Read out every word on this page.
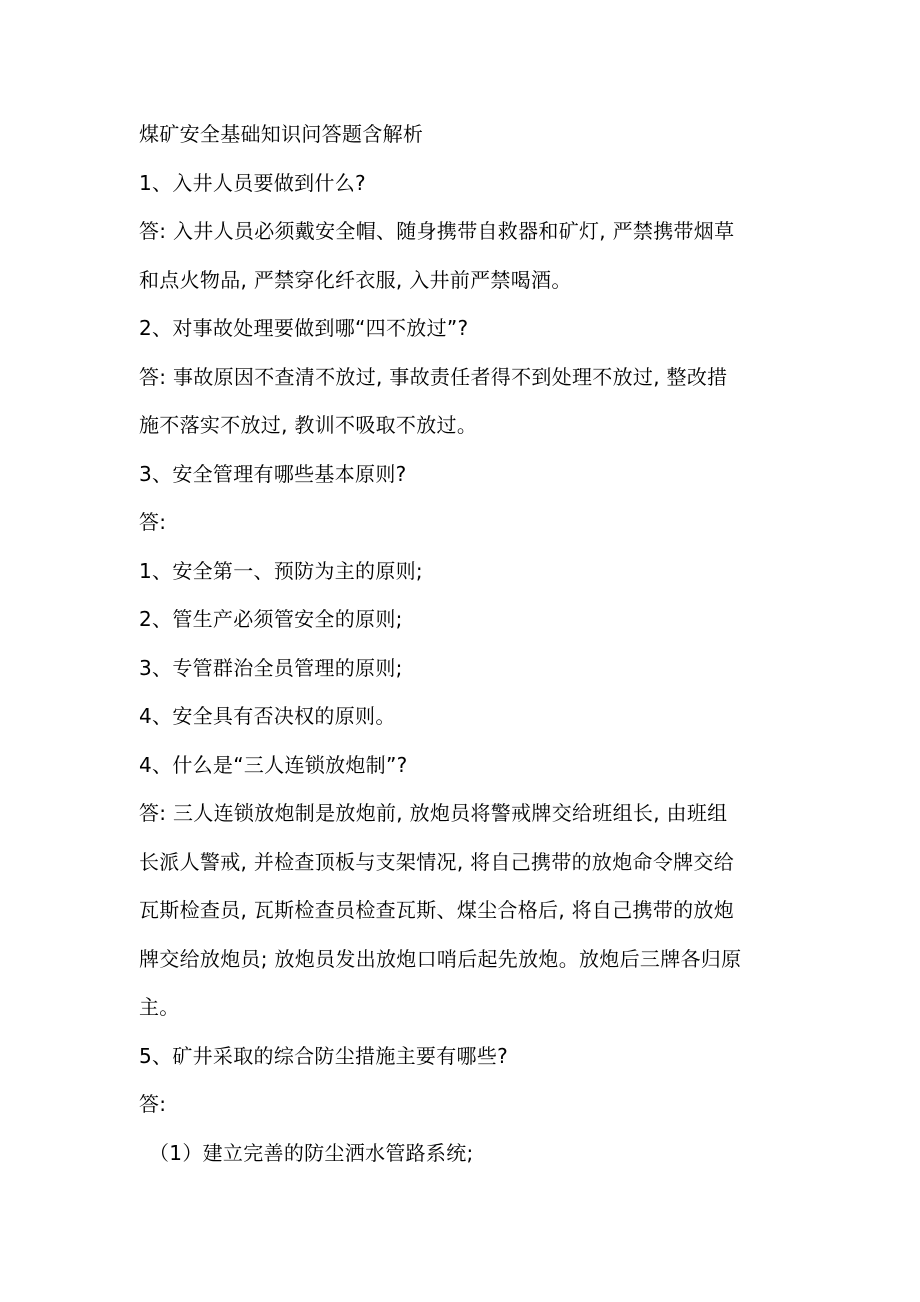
煤矿安全基础知识问答题含解析
1、入井人员要做到什么?
答: 入井人员必须戴安全帽、随身携带自救器和矿灯, 严禁携带烟草
和点火物品, 严禁穿化纤衣服, 入井前严禁喝酒。
2、对事故处理要做到哪“四不放过”?
答: 事故原因不查清不放过, 事故责任者得不到处理不放过, 整改措
施不落实不放过, 教训不吸取不放过。
3、安全管理有哪些基本原则?
答:
1、安全第一、预防为主的原则;
2、管生产必须管安全的原则;
3、专管群治全员管理的原则;
4、安全具有否决权的原则。
4、什么是“三人连锁放炮制”?
答: 三人连锁放炮制是放炮前, 放炮员将警戒牌交给班组长, 由班组
长派人警戒, 并检查顶板与支架情况, 将自己携带的放炮命令牌交给
瓦斯检查员, 瓦斯检查员检查瓦斯、煤尘合格后, 将自己携带的放炮
牌交给放炮员; 放炮员发出放炮口哨后起先放炮。放炮后三牌各归原
主。
5、矿井采取的综合防尘措施主要有哪些?
答:
（1）建立完善的防尘洒水管路系统;
